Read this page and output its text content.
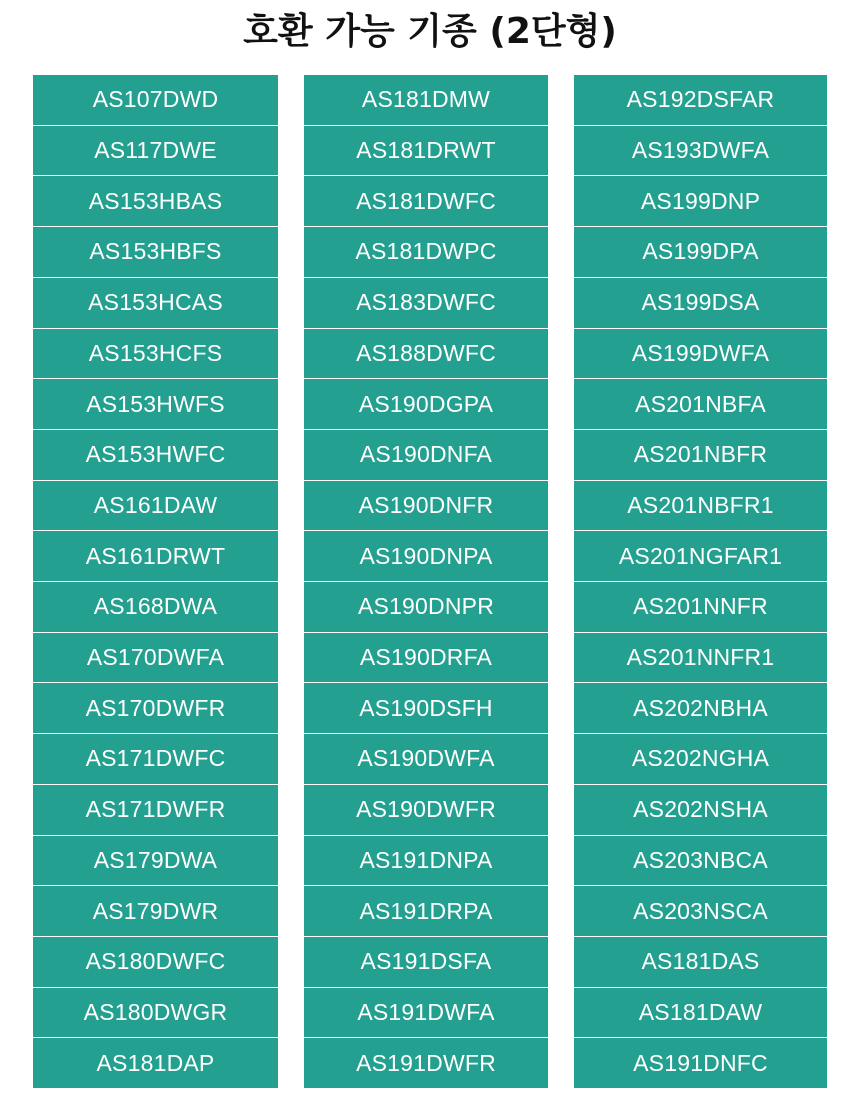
호환 가능 기종 (2단형)
AS107DWD
AS117DWE
AS153HBAS
AS153HBFS
AS153HCAS
AS153HCFS
AS153HWFS
AS153HWFC
AS161DAW
AS161DRWT
AS168DWA
AS170DWFA
AS170DWFR
AS171DWFC
AS171DWFR
AS179DWA
AS179DWR
AS180DWFC
AS180DWGR
AS181DAP
AS181DMW
AS181DRWT
AS181DWFC
AS181DWPC
AS183DWFC
AS188DWFC
AS190DGPA
AS190DNFA
AS190DNFR
AS190DNPA
AS190DNPR
AS190DRFA
AS190DSFH
AS190DWFA
AS190DWFR
AS191DNPA
AS191DRPA
AS191DSFA
AS191DWFA
AS191DWFR
AS192DSFAR
AS193DWFA
AS199DNP
AS199DPA
AS199DSA
AS199DWFA
AS201NBFA
AS201NBFR
AS201NBFR1
AS201NGFAR1
AS201NNFR
AS201NNFR1
AS202NBHA
AS202NGHA
AS202NSHA
AS203NBCA
AS203NSCA
AS181DAS
AS181DAW
AS191DNFC
